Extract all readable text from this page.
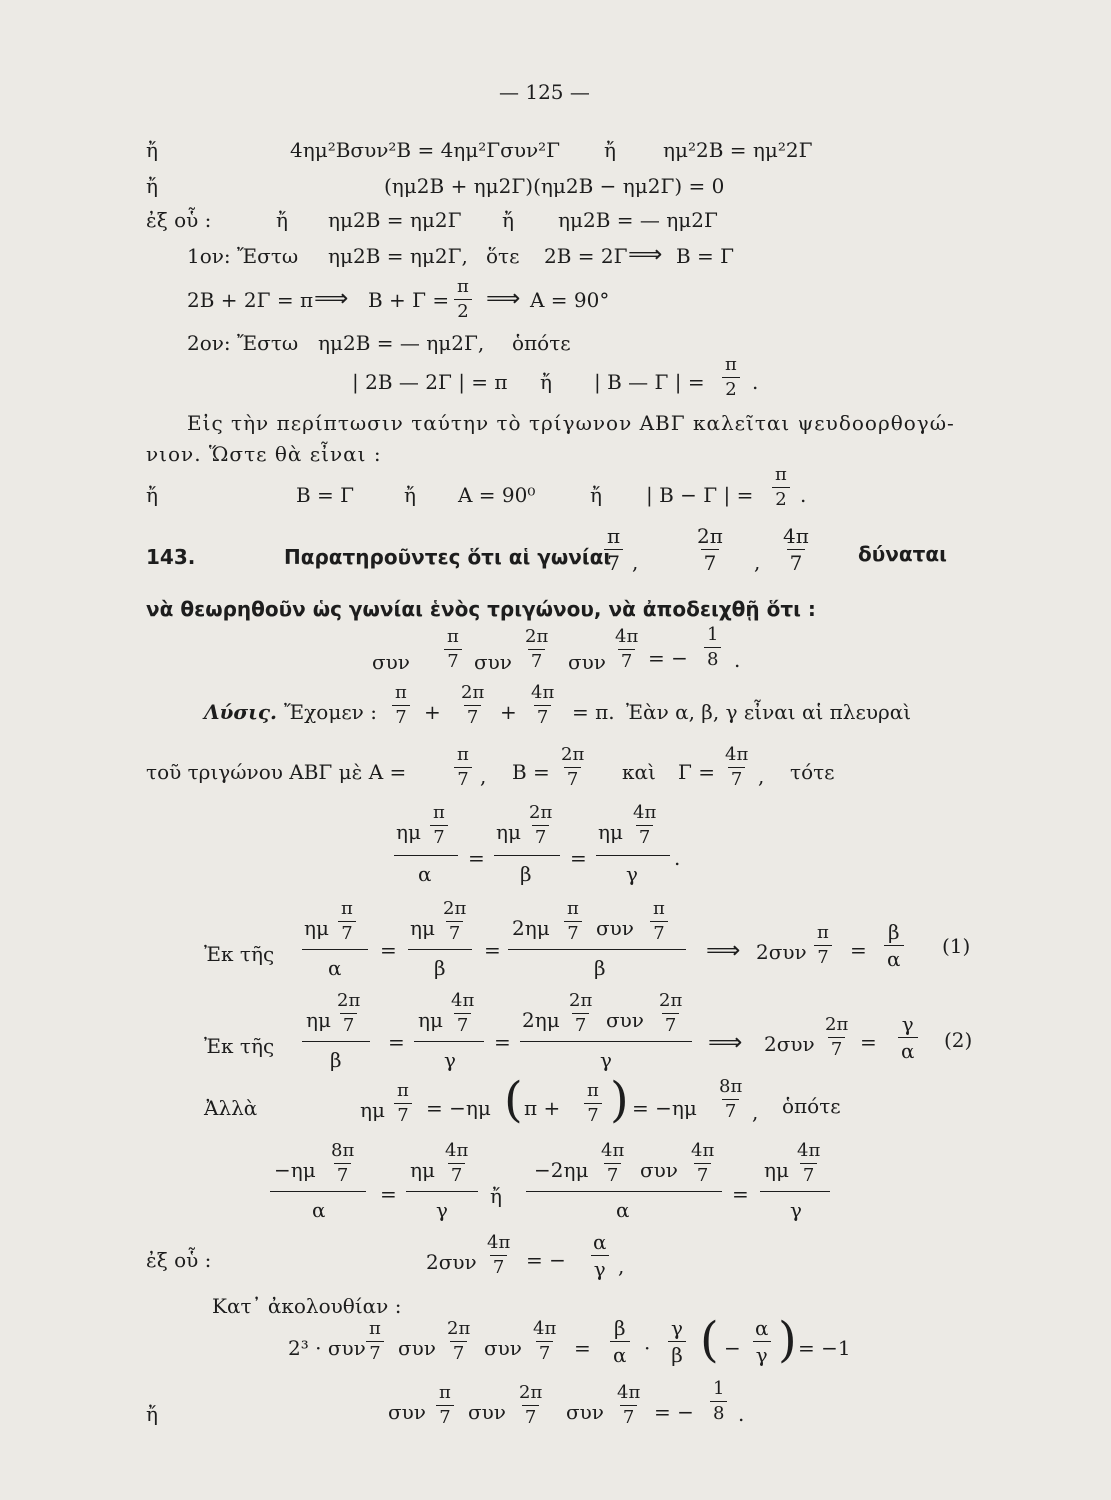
— 125 —
ἤ	4ημ²Bσυν²B = 4ημ²Γσυν²Γ ἤ ημ²2B = ημ²2Γ
ἤ	(ημ2B + ημ2Γ)(ημ2B − ημ2Γ) = 0
ἐξ οὗ :	ἤ ημ2B = ημ2Γ ἤ ημ2B = — ημ2Γ
1ον: Ἔστω ημ2B = ημ2Γ, ὅτε 2B = 2Γ ⟹ B = Γ
2B + 2Γ = π ⟹ $B + \Gamma = \frac{\pi}{2}$ ⟹ A = 90°
2ον: Ἔστω ημ2B = — ημ2Γ, ὁπότε
| 2B — 2Γ | = π ἤ | B — Γ | = $\frac{\pi}{2}$ .
Εἰς τὴν περίπτωσιν ταύτην τὸ τρίγωνον ΑΒΓ καλεῖται ψευδοορθογώ-
νιον. Ὥστε θὰ εἶναι :
ἤ	B = Γ ἤ A = 90⁰	ἤ | B − Γ | = $\frac{\pi}{2}$ .
143.	Παρατηροῦντες ὅτι αἱ γωνίαι
$\frac{\pi}{7}$ ,	$\frac{2\pi}{7}$ , $\frac{4\pi}{7}$ δύναται
νὰ θεωρηθοῦν ὡς γωνίαι ἑνὸς τριγώνου, νὰ ἀποδειχθῇ ὅτι :
συν $\frac{\pi}{7}$ συν $\frac{2\pi}{7}$ συν $\frac{4\pi}{7}$ = − $\frac{1}{8}$ .
Λύσις. Ἔχομεν : $\frac{\pi}{7} + \frac{2\pi}{7} + \frac{4\pi}{7} = \pi$. Ἐὰν α, β, γ εἶναι αἱ πλευραὶ
τοῦ τριγώνου ΑΒΓ μὲ Α =	$\frac{\pi}{7}$ , $B = \frac{2\pi}{7}$ καὶ $\Gamma = \frac{4\pi}{7}$ , τότε
ημ $\frac{\pi}{7}$
α
=
ημ $\frac{2\pi}{7}$
β
=
ημ $\frac{4\pi}{7}$
γ
.
Ἐκ τῆς
ημ $\frac{\pi}{7}$
α
=
ημ $\frac{2\pi}{7}$
β
=
$2\eta\mu \frac{\pi}{7}$ συν $\frac{\pi}{7}$
β
⟹ $2\sigma\upsilon\nu \frac{\pi}{7} = \frac{\beta}{\alpha} (1)$
Ἐκ τῆς
ημ $\frac{2\pi}{7}$
β
=
ημ $\frac{4\pi}{7}$
γ
=
$2\eta\mu \frac{2\pi}{7}$ συν $\frac{2\pi}{7}$
γ
⟹ $2\sigma\upsilon\nu \frac{2\pi}{7} = \frac{\gamma}{\alpha} (2)$
Ἀλλὰ	ημ $\frac{\pi}{7} = -\eta\mu$ ( $\pi + \frac{\pi}{7}$ ) = $-\eta\mu \frac{8\pi}{7}$ , ὁπότε
$-\eta\mu \frac{8\pi}{7}$
α
=
ημ $\frac{4\pi}{7}$
γ
ἤ
$-2\eta\mu \frac{4\pi}{7}$ συν $\frac{4\pi}{7}$
α
=
ημ $\frac{4\pi}{7}$
γ
ἐξ οὗ :	$2\sigma\upsilon\nu \frac{4\pi}{7}$ = − $\frac{\alpha}{\gamma}$ ,
Κατ᾽ ἀκολουθίαν :
2³ · συν $\frac{\pi}{7}$ συν $\frac{2\pi}{7}$ συν $\frac{4\pi}{7} = \frac{\beta}{\alpha} \cdot \frac{\gamma}{\beta}$ ( − $\frac{\alpha}{\gamma}$ ) = −1
ἤ	συν $\frac{\pi}{7}$ συν $\frac{2\pi}{7}$ συν $\frac{4\pi}{7}$ = − $\frac{1}{8}$ .
